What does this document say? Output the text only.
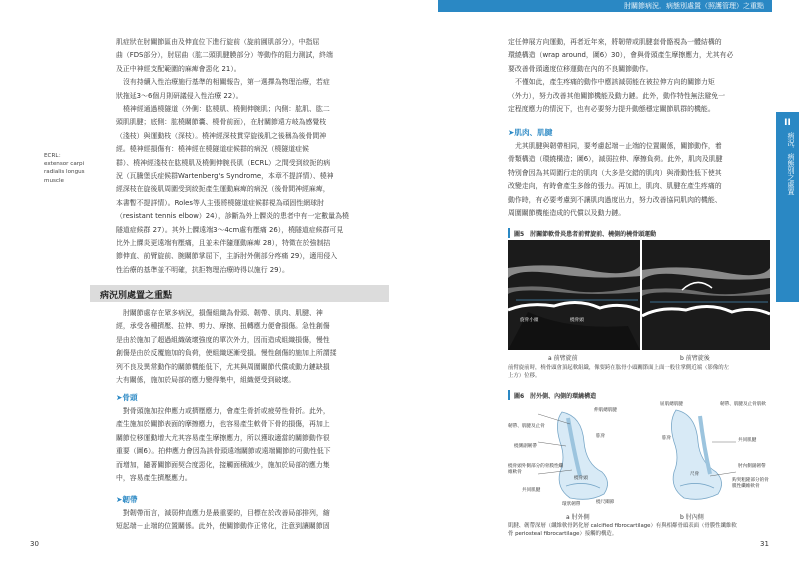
肘關節病況．病態別處置（照護管理）之重點
肌症狀在肘關節區由及伸直位下進行旋前（旋前圓肌部分），中指屈
曲（FDS部分），肘屈曲（肱二頭肌腱膜部分）等動作的阻力測試，終端
及正中神經支配範圍的麻痺會惡化 21）。
沒有持續入性治療施行基準的相關報告，第一選擇為物理治療，若症
狀拖延3～6個月則研議侵入性治療 22）。
橈神經通過橈隧道（外側：肱橈肌、橈側伸腕肌；內側：肱肌、肱二
頭肌肌腱；底側：肱橈關節囊、橈骨前面），在肘關節遠方岐為感覺枝
（淺枝）與運動枝（深枝）。橈神經深枝貫穿旋後肌之後稱為後骨間神
經。橈神經損傷有：橈神經在橈隧道症候群的病況（橈隧道症候
群）、橈神經淺枝在肱橈肌及橈側伸腕長肌（ECRL）之間受到絞扼的病
況（瓦騰堡氏症候群Wartenberg's Syndrome，本章不提詳情）、橈神
經深枝在旋後肌周圍受到絞扼產生運動麻痺的病況（後骨間神經麻痺，
本書暫不提詳情）。Roles等人主張將橈隧道症候群視為頑固性網球肘
（resistant tennis elbow）24），診斷為外上髁炎的患者中有一定數量為橈
隧道症候群 27）。其外上髁遠端3～4cm處有壓痛 26），橈隧道症候群可見
比外上髁炎更遠端有壓痛，且並未伴隨運動麻痺 28），特徵在於強制拮
節伸直、前臂旋前、腕關節掌屈下，主訴肘外側部分疼痛 29），適用侵入
性治療的基準並不明確，抗拒物理治療時得以施行 29）。
ECRL：
extensor carpi
radialis longus
muscle
病況別處置之重點
肘關節處存在眾多病況，損傷組織為骨頭、韌帶、肌肉、肌腱、神
經，承受各種擠壓、拉伸、剪力、摩擦、扭轉應力便會損傷。急性創傷
是由於施加了超過組織破壞強度的單次外力，因而造成組織損傷，慢性
創傷是由於反覆施加的負荷，使組織逐漸受損。慢性創傷的施加上所謂揉
列不良及異常動作的關節機能低下，尤其與周圍關節代償或動力鏈缺損
大有關係，施加於局部的應力變得集中，組織便受到破壞。
➤骨頭
對骨頭施加拉伸應力或擠壓應力，會產生骨折或疲勞性骨折。此外，
產生施加於關節表面的摩擦應力，也容易產生軟骨下骨的損傷，再加上
關節位移運動增大尤其容易產生摩擦應力，所以獲取適當的關節動作很
重要（圖6）。拍伸應力會因為該骨頭遠端關節或遠端關節的可動性低下
而增加，隨著關節面契合度惡化，接觸面積減少，施加於局部的應力集
中，容易產生擠壓應力。
➤韌帶
對韌帶而言，減弱伸直應力是最重要的，目標在於改善局部排列，縮
短起端－止端的位置關係。此外，使關節動作正常化，注意到讓關節固
30
定任伸展方向運動，再者近年來，將韌帶或肌腱套骨骼視為一體結構的
環繞構造（wrap around，圖6）30），會與骨頭產生摩擦應力，尤其有必
要改善骨頭適度位移運動在內的不良關節動作。
不僅如此，產生疼痛的動作中應該減弱能在被拉伸方向的關節力矩
（外力），努力改善其他關節機能及動力鏈。此外，動作特性無法避免一
定程度應力的情況下，也有必要努力提升動態穩定關節肌群的機能。
➤肌肉、肌腱
尤其肌腱與韌帶相同，要考慮起端－止端的位置關係，關節動作，着
骨類構造（環繞構造；圖6），減弱拉伸、摩擦負荷。此外，肌肉及肌腱
特別會因為其周圍行走的肌肉（大多是交錯的肌肉）與滑動性低下使其
改變走向，有時會產生多餘的張力。再加上，肌肉、肌腱在產生疼痛的
動作時，有必要考慮到不讓肌肉過度出力，努力改善協同肌肉的機能、
周圍關節機能造成的代償以及動力鏈。
II
病況．病態別之處置
圖5　肘關節軟骨炎患者前臂旋前、橈側的橈骨頭運動
旋骨小頭	橈骨頭
a 前臂旋前	b 前臂旋後
前臂旋前時，橈骨頭會頂起軟組織，像要跨在肱骨小頭關節面上面一般往掌側近端（影像的左
上方）位移。
圖6　肘外側、內側的環繞構造
韌帶、肌腱及止骨
伸肌總肌腱
橈側副韌帶
肱骨
橈骨頭外側部分的骨膜性纖維軟骨
共同肌腱
橈骨頭
環狀韌帶	橈尺關節
屈肌總肌腱	韌帶、肌腱及止骨肌軟
肱骨	共同肌腱
尺骨
肘內側副韌帶
鈎突粗隆部分的骨膜性纖維軟骨
a 肘外側	b 肘內側
肌腱、韌帶深層（纖維軟骨鈣化層 calcified fibrocartilage）有與相鄰骨頭表面（骨膜性纖維軟
骨 periosteal fibrocartilage）接觸的構造。
31
